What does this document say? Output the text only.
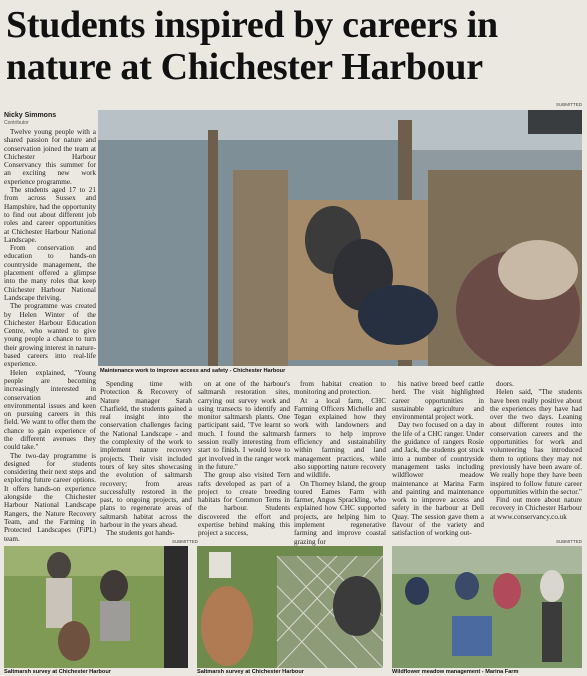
Students inspired by careers in
nature at Chichester Harbour
Nicky Simmons
Contributor

Twelve young people with a shared passion for nature and conservation joined the team at Chichester Harbour Conservancy this summer for an exciting new work experience programme.

The students aged 17 to 21 from across Sussex and Hampshire, had the opportunity to find out about different job roles and career opportunities at Chichester Harbour National Landscape.

From conservation and education to hands-on countryside management, the placement offered a glimpse into the many roles that keep Chichester Harbour National Landscape thriving.

The programme was created by Helen Winter of the Chichester Harbour Education Centre, who wanted to give young people a chance to turn their growing interest in nature-based careers into real-life experience.

Helen explained, "Young people are becoming increasingly interested in conservation and environmental issues and keen on pursuing careers in this field. We want to offer them the chance to gain experience of the different avenues they could take."

The two-day programme is designed for students considering their next steps and exploring future career options. It offers hands-on experience alongside the Chichester Harbour National Landscape Rangers, the Nature Recovery Team, and the Farming in Protected Landscapes (FiPL) team.

SUBMITTED
Maintenance work to improve access and safety - Chichester Harbour

Spending time with Protection & Recovery of Nature manager Sarah Chatfield, the students gained a real insight into the conservation challenges facing the National Landscape - and the complexity of the work to implement nature recovery projects. Their visit included tours of key sites showcasing the evolution of saltmarsh recovery; from areas successfully restored in the past, to ongoing projects, and plans to regenerate areas of saltmarsh habitat across the harbour in the years ahead.

The students got hands-

on at one of the harbour's saltmarsh restoration sites, carrying out survey work and using transects to identify and monitor saltmarsh plants. One participant said, "I've learnt so much. I found the saltmarsh session really interesting from start to finish. I would love to get involved in the ranger work in the future."

The group also visited Tern rafts developed as part of a project to create breeding habitats for Common Terns in the harbour. Students discovered the effort and expertise behind making this project a success,

from habitat creation to monitoring and protection.

At a local farm, CHC Farming Officers Michelle and Tegan explained how they work with landowners and farmers to help improve efficiency and sustainability within farming and land management practices, while also supporting nature recovery and wildlife.

On Thorney Island, the group toured Eames Farm with farmer, Angus Sprackling, who explained how CHC supported projects, are helping him to implement regenerative farming and improve coastal grazing for

his native breed beef cattle herd. The visit highlighted career opportunities in sustainable agriculture and environmental project work.

Day two focused on a day in the life of a CHC ranger. Under the guidance of rangers Rosie and Jack, the students got stuck into a number of countryside management tasks including wildflower meadow maintenance at Marina Farm and painting and maintenance work to improve access and safety in the harbour at Dell Quay. The session gave them a flavour of the variety and satisfaction of working out-

doors.

Helen said, "The students have been really positive about the experiences they have had over the two days. Leaning about different routes into conservation careers and the opportunities for work and volunteering has introduced them to options they may not previously have been aware of. We really hope they have been inspired to follow future career opportunities within the sector."

Find out more about nature recovery in Chichester Harbour at www.conservancy.co.uk

SUBMITTED	SUBMITTED
Saltmarsh survey at Chichester Harbour	Saltmarsh survey at Chichester Harbour	Wildflower meadow management - Marina Farm
